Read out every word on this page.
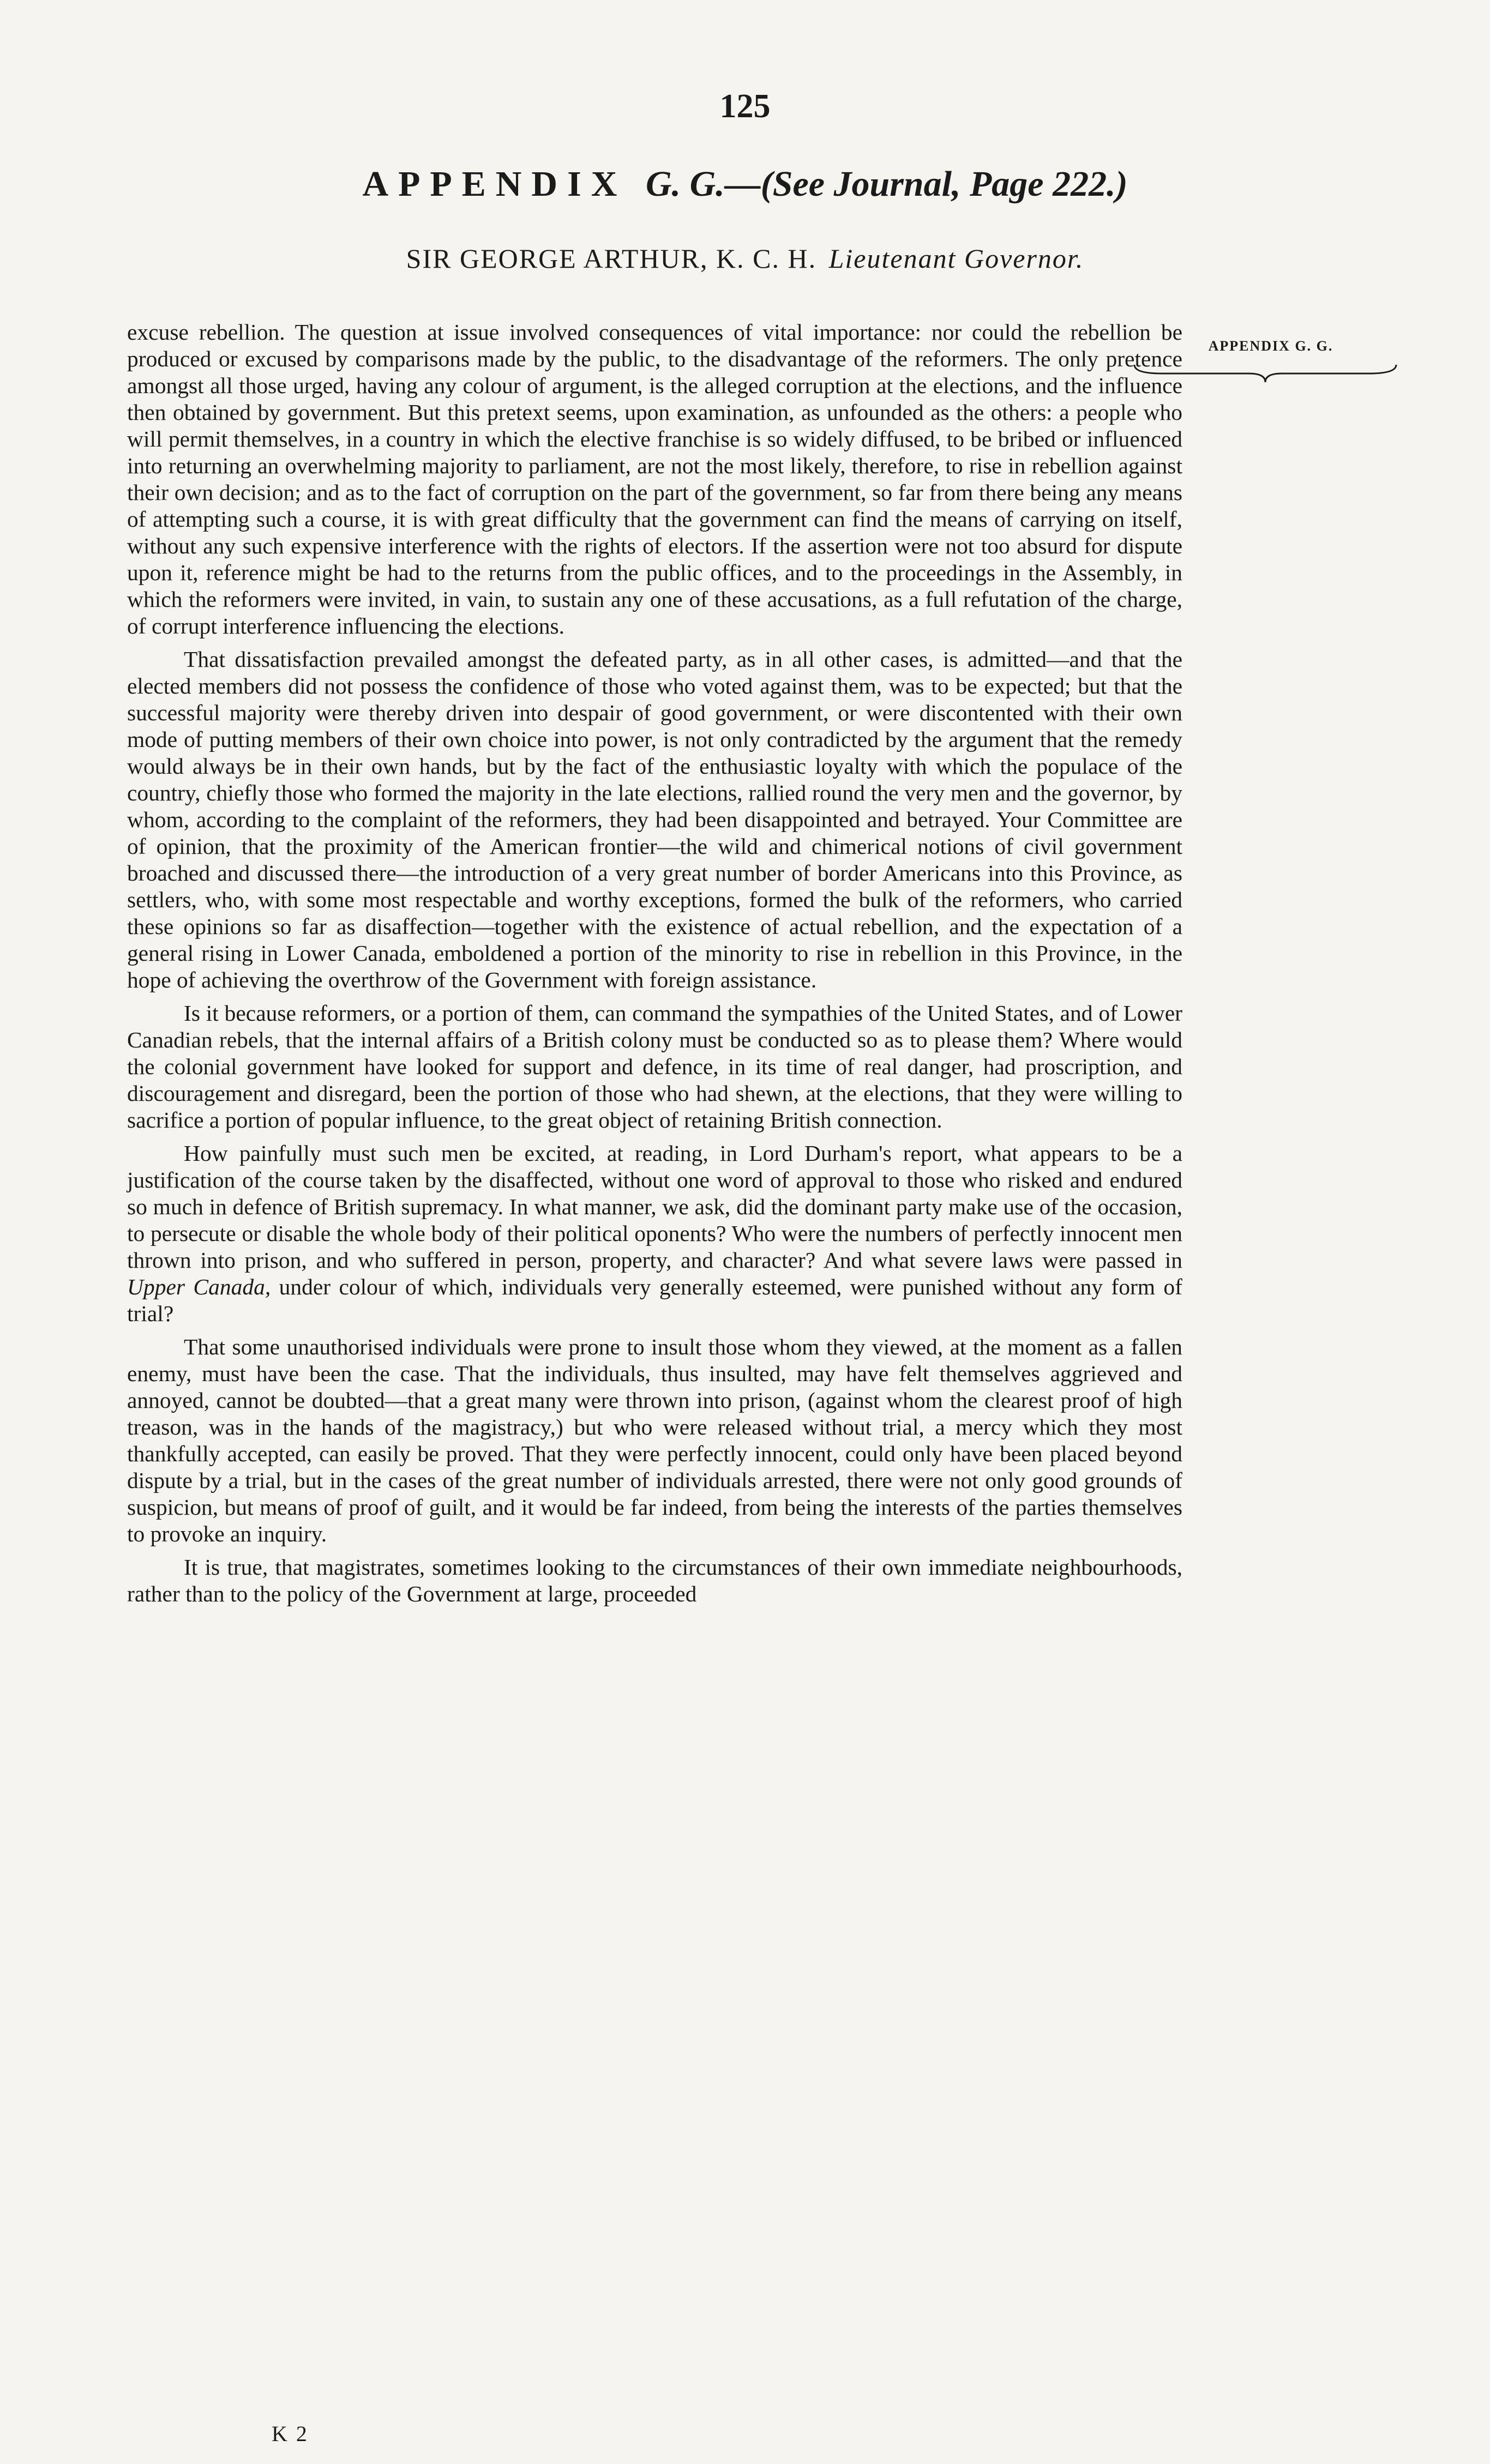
125
APPENDIX G. G.—(See Journal, Page 222.)
SIR GEORGE ARTHUR, K. C. H. Lieutenant Governor.
APPENDIX G. G.

excuse rebellion. The question at issue involved consequences of vital importance: nor could the rebellion be produced or excused by comparisons made by the public, to the disadvantage of the reformers. The only pretence amongst all those urged, having any colour of argument, is the alleged corruption at the elections, and the influence then obtained by government. But this pretext seems, upon examination, as unfounded as the others: a people who will permit themselves, in a country in which the elective franchise is so widely diffused, to be bribed or influenced into returning an overwhelming majority to parliament, are not the most likely, therefore, to rise in rebellion against their own decision; and as to the fact of corruption on the part of the government, so far from there being any means of attempting such a course, it is with great difficulty that the government can find the means of carrying on itself, without any such expensive interference with the rights of electors. If the assertion were not too absurd for dispute upon it, reference might be had to the returns from the public offices, and to the proceedings in the Assembly, in which the reformers were invited, in vain, to sustain any one of these accusations, as a full refutation of the charge, of corrupt interference influencing the elections.

That dissatisfaction prevailed amongst the defeated party, as in all other cases, is admitted—and that the elected members did not possess the confidence of those who voted against them, was to be expected; but that the successful majority were thereby driven into despair of good government, or were discontented with their own mode of putting members of their own choice into power, is not only contradicted by the argument that the remedy would always be in their own hands, but by the fact of the enthusiastic loyalty with which the populace of the country, chiefly those who formed the majority in the late elections, rallied round the very men and the governor, by whom, according to the complaint of the reformers, they had been disappointed and betrayed. Your Committee are of opinion, that the proximity of the American frontier—the wild and chimerical notions of civil government broached and discussed there—the introduction of a very great number of border Americans into this Province, as settlers, who, with some most respectable and worthy exceptions, formed the bulk of the reformers, who carried these opinions so far as disaffection—together with the existence of actual rebellion, and the expectation of a general rising in Lower Canada, emboldened a portion of the minority to rise in rebellion in this Province, in the hope of achieving the overthrow of the Government with foreign assistance.

Is it because reformers, or a portion of them, can command the sympathies of the United States, and of Lower Canadian rebels, that the internal affairs of a British colony must be conducted so as to please them? Where would the colonial government have looked for support and defence, in its time of real danger, had proscription, and discouragement and disregard, been the portion of those who had shewn, at the elections, that they were willing to sacrifice a portion of popular influence, to the great object of retaining British connection.

How painfully must such men be excited, at reading, in Lord Durham's report, what appears to be a justification of the course taken by the disaffected, without one word of approval to those who risked and endured so much in defence of British supremacy. In what manner, we ask, did the dominant party make use of the occasion, to persecute or disable the whole body of their political oponents? Who were the numbers of perfectly innocent men thrown into prison, and who suffered in person, property, and character? And what severe laws were passed in Upper Canada, under colour of which, individuals very generally esteemed, were punished without any form of trial?

That some unauthorised individuals were prone to insult those whom they viewed, at the moment as a fallen enemy, must have been the case. That the individuals, thus insulted, may have felt themselves aggrieved and annoyed, cannot be doubted—that a great many were thrown into prison, (against whom the clearest proof of high treason, was in the hands of the magistracy,) but who were released without trial, a mercy which they most thankfully accepted, can easily be proved. That they were perfectly innocent, could only have been placed beyond dispute by a trial, but in the cases of the great number of individuals arrested, there were not only good grounds of suspicion, but means of proof of guilt, and it would be far indeed, from being the interests of the parties themselves to provoke an inquiry.

It is true, that magistrates, sometimes looking to the circumstances of their own immediate neighbourhoods, rather than to the policy of the Government at large, proceeded

K 2
